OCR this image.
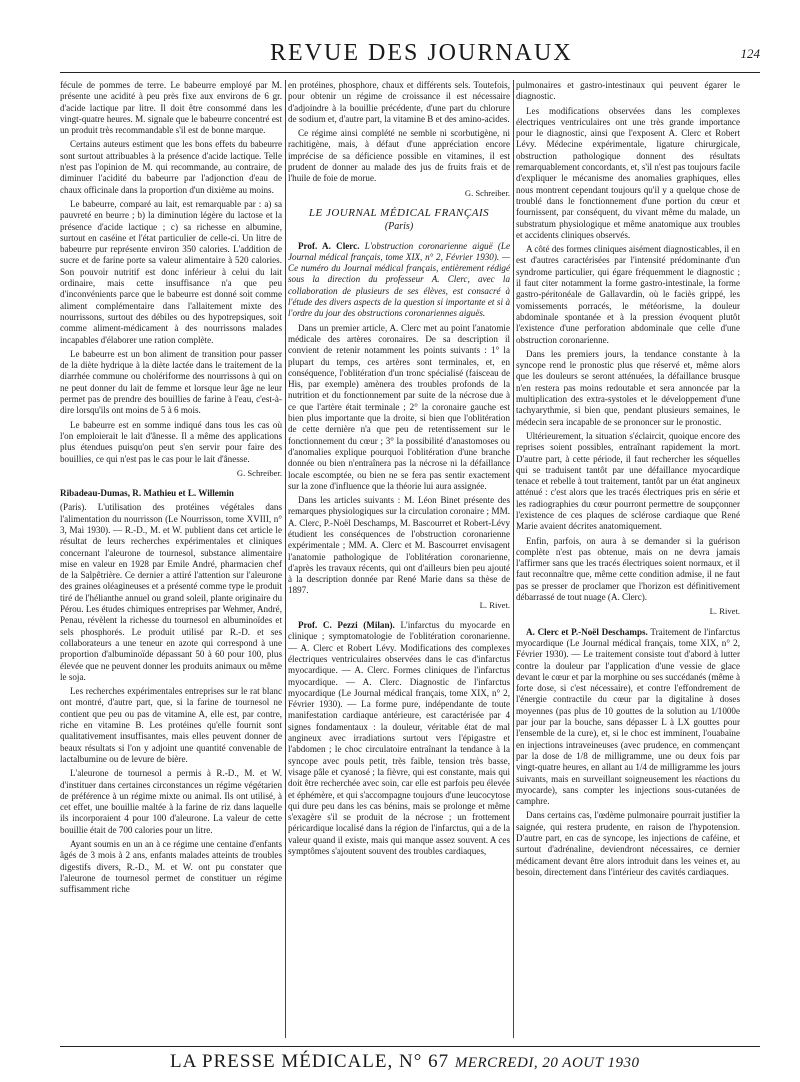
REVUE DES JOURNAUX	124

fécule de pommes de terre. Le babeurre employé par M. présente une acidité à peu près fixe aux environs de 6 gr. d'acide lactique par litre. Il doit être consommé dans les vingt-quatre heures. M. signale que le babeurre concentré est un produit très recommandable s'il est de bonne marque.

Certains auteurs estiment que les bons effets du babeurre sont surtout attribuables à la présence d'acide lactique. Telle n'est pas l'opinion de M. qui recommande, au contraire, de diminuer l'acidité du babeurre par l'adjonction d'eau de chaux officinale dans la proportion d'un dixième au moins.

Le babeurre, comparé au lait, est remarquable par : a) sa pauvreté en beurre ; b) la diminution légère du lactose et la présence d'acide lactique ; c) sa richesse en albumine, surtout en caséine et l'état particulier de celle-ci. Un litre de babeurre pur représente environ 350 calories. L'addition de sucre et de farine porte sa valeur alimentaire à 520 calories. Son pouvoir nutritif est donc inférieur à celui du lait ordinaire, mais cette insuffisance n'a que peu d'inconvénients parce que le babeurre est donné soit comme aliment complémentaire dans l'allaitement mixte des nourrissons, surtout des débiles ou des hypotrepsiques, soit comme aliment-médicament à des nourrissons malades incapables d'élaborer une ration complète.

Le babeurre est un bon aliment de transition pour passer de la diète hydrique à la diète lactée dans le traitement de la diarrhée commune ou cholériforme des nourrissons à qui on ne peut donner du lait de femme et lorsque leur âge ne leur permet pas de prendre des bouillies de farine à l'eau, c'est-à-dire lorsqu'ils ont moins de 5 à 6 mois.

Le babeurre est en somme indiqué dans tous les cas où l'on emploierait le lait d'ânesse. Il a même des applications plus étendues puisqu'on peut s'en servir pour faire des bouillies, ce qui n'est pas le cas pour le lait d'ânesse.

G. Schreiber.

Ribadeau-Dumas, R. Mathieu et L. Willemin

(Paris). L'utilisation des protéines végétales dans l'alimentation du nourrisson (Le Nourrisson, tome XVIII, n° 3, Mai 1930). — R.-D., M. et W. publient dans cet article le résultat de leurs recherches expérimentales et cliniques concernant l'aleurone de tournesol, substance alimentaire mise en valeur en 1928 par Emile André, pharmacien chef de la Salpêtrière. Ce dernier a attiré l'attention sur l'aleurone des graines oléagineuses et a présenté comme type le produit tiré de l'hélianthe annuel ou grand soleil, plante originaire du Pérou. Les études chimiques entreprises par Wehmer, André, Penau, révèlent la richesse du tournesol en albuminoïdes et sels phosphorés. Le produit utilisé par R.-D. et ses collaborateurs a une teneur en azote qui correspond à une proportion d'albuminoïde dépassant 50 à 60 pour 100, plus élevée que ne peuvent donner les produits animaux ou même le soja.

Les recherches expérimentales entreprises sur le rat blanc ont montré, d'autre part, que, si la farine de tournesol ne contient que peu ou pas de vitamine A, elle est, par contre, riche en vitamine B. Les protéines qu'elle fournit sont qualitativement insuffisantes, mais elles peuvent donner de beaux résultats si l'on y adjoint une quantité convenable de lactalbumine ou de levure de bière.

L'aleurone de tournesol a permis à R.-D., M. et W. d'instituer dans certaines circonstances un régime végétarien de préférence à un régime mixte ou animal. Ils ont utilisé, à cet effet, une bouillie maltée à la farine de riz dans laquelle ils incorporaient 4 pour 100 d'aleurone. La valeur de cette bouillie était de 700 calories pour un litre.

Ayant soumis en un an à ce régime une centaine d'enfants âgés de 3 mois à 2 ans, enfants malades atteints de troubles digestifs divers, R.-D., M. et W. ont pu constater que l'aleurone de tournesol permet de constituer un régime suffisamment riche

en protéines, phosphore, chaux et différents sels. Toutefois, pour obtenir un régime de croissance il est nécessaire d'adjoindre à la bouillie précédente, d'une part du chlorure de sodium et, d'autre part, la vitamine B et des amino-acides.

Ce régime ainsi complété ne semble ni scorbutigène, ni rachitigène, mais, à défaut d'une appréciation encore imprécise de sa déficience possible en vitamines, il est prudent de donner au malade des jus de fruits frais et de l'huile de foie de morue.

G. Schreiber.
LE JOURNAL MÉDICAL FRANÇAIS
(Paris)

Prof. A. Clerc. L'obstruction coronarienne aiguë (Le Journal médical français, tome XIX, n° 2, Février 1930). — Ce numéro du Journal médical français, entièrement rédigé sous la direction du professeur A. Clerc, avec la collaboration de plusieurs de ses élèves, est consacré à l'étude des divers aspects de la question si importante et si à l'ordre du jour des obstructions coronariennes aiguës.

Dans un premier article, A. Clerc met au point l'anatomie médicale des artères coronaires. De sa description il convient de retenir notamment les points suivants : 1° la plupart du temps, ces artères sont terminales, et, en conséquence, l'oblitération d'un tronc spécialisé (faisceau de His, par exemple) amènera des troubles profonds de la nutrition et du fonctionnement par suite de la nécrose due à ce que l'artère était terminale ; 2° la coronaire gauche est bien plus importante que la droite, si bien que l'oblitération de cette dernière n'a que peu de retentissement sur le fonctionnement du cœur ; 3° la possibilité d'anastomoses ou d'anomalies explique pourquoi l'oblitération d'une branche donnée ou bien n'entraînera pas la nécrose ni la défaillance locale escomptée, ou bien ne se fera pas sentir exactement sur la zone d'influence que la théorie lui aura assignée.

Dans les articles suivants : M. Léon Binet présente des remarques physiologiques sur la circulation coronaire ; MM. A. Clerc, P.-Noël Deschamps, M. Bascourret et Robert-Lévy étudient les conséquences de l'obstruction coronarienne expérimentale ; MM. A. Clerc et M. Bascourret envisagent l'anatomie pathologique de l'oblitération coronarienne, d'après les travaux récents, qui ont d'ailleurs bien peu ajouté à la description donnée par René Marie dans sa thèse de 1897.

L. Rivet.

Prof. C. Pezzi (Milan). L'infarctus du myocarde en clinique ; symptomatologie de l'oblitération coronarienne. — A. Clerc et Robert Lévy. Modifications des complexes électriques ventriculaires observées dans le cas d'infarctus myocardique. — A. Clerc. Formes cliniques de l'infarctus myocardique. — A. Clerc. Diagnostic de l'infarctus myocardique (Le Journal médical français, tome XIX, n° 2, Février 1930). — La forme pure, indépendante de toute manifestation cardiaque antérieure, est caractérisée par 4 signes fondamentaux : la douleur, véritable état de mal angineux avec irradiations surtout vers l'épigastre et l'abdomen ; le choc circulatoire entraînant la tendance à la syncope avec pouls petit, très faible, tension très basse, visage pâle et cyanosé ; la fièvre, qui est constante, mais qui doit être recherchée avec soin, car elle est parfois peu élevée et éphémère, et qui s'accompagne toujours d'une leucocytose qui dure peu dans les cas bénins, mais se prolonge et même s'exagère s'il se produit de la nécrose ; un frottement péricardique localisé dans la région de l'infarctus, qui a de la valeur quand il existe, mais qui manque assez souvent. A ces symptômes s'ajoutent souvent des troubles cardiaques,

pulmonaires et gastro-intestinaux qui peuvent égarer le diagnostic.

Les modifications observées dans les complexes électriques ventriculaires ont une très grande importance pour le diagnostic, ainsi que l'exposent A. Clerc et Robert Lévy. Médecine expérimentale, ligature chirurgicale, obstruction pathologique donnent des résultats remarquablement concordants, et, s'il n'est pas toujours facile d'expliquer le mécanisme des anomalies graphiques, elles nous montrent cependant toujours qu'il y a quelque chose de troublé dans le fonctionnement d'une portion du cœur et fournissent, par conséquent, du vivant même du malade, un substratum physiologique et même anatomique aux troubles et accidents cliniques observés.

A côté des formes cliniques aisément diagnosticables, il en est d'autres caractérisées par l'intensité prédominante d'un syndrome particulier, qui égare fréquemment le diagnostic ; il faut citer notamment la forme gastro-intestinale, la forme gastro-péritonéale de Gallavardin, où le faciès grippé, les vomissements porracés, le météorisme, la douleur abdominale spontanée et à la pression évoquent plutôt l'existence d'une perforation abdominale que celle d'une obstruction coronarienne.

Dans les premiers jours, la tendance constante à la syncope rend le pronostic plus que réservé et, même alors que les douleurs se seront atténuées, la défaillance brusque n'en restera pas moins redoutable et sera annoncée par la multiplication des extra-systoles et le développement d'une tachyarythmie, si bien que, pendant plusieurs semaines, le médecin sera incapable de se prononcer sur le pronostic.

Ultérieurement, la situation s'éclaircit, quoique encore des reprises soient possibles, entraînant rapidement la mort. D'autre part, à cette période, il faut rechercher les séquelles qui se traduisent tantôt par une défaillance myocardique tenace et rebelle à tout traitement, tantôt par un état angineux atténué : c'est alors que les tracés électriques pris en série et les radiographies du cœur pourront permettre de soupçonner l'existence de ces plaques de sclérose cardiaque que René Marie avaient décrites anatomiquement.

Enfin, parfois, on aura à se demander si la guérison complète n'est pas obtenue, mais on ne devra jamais l'affirmer sans que les tracés électriques soient normaux, et il faut reconnaître que, même cette condition admise, il ne faut pas se presser de proclamer que l'horizon est définitivement débarrassé de tout nuage (A. Clerc).

L. Rivet.

A. Clerc et P.-Noël Deschamps. Traitement de l'infarctus myocardique (Le Journal médical français, tome XIX, n° 2, Février 1930). — Le traitement consiste tout d'abord à lutter contre la douleur par l'application d'une vessie de glace devant le cœur et par la morphine ou ses succédanés (même à forte dose, si c'est nécessaire), et contre l'effondrement de l'énergie contractile du cœur par la digitaline à doses moyennes (pas plus de 10 gouttes de la solution au 1/1000e par jour par la bouche, sans dépasser L à LX gouttes pour l'ensemble de la cure), et, si le choc est imminent, l'ouabaïne en injections intraveineuses (avec prudence, en commençant par la dose de 1/8 de milligramme, une ou deux fois par vingt-quatre heures, en allant au 1/4 de milligramme les jours suivants, mais en surveillant soigneusement les réactions du myocarde), sans compter les injections sous-cutanées de camphre.

Dans certains cas, l'œdème pulmonaire pourrait justifier la saignée, qui restera prudente, en raison de l'hypotension. D'autre part, en cas de syncope, les injections de caféine, et surtout d'adrénaline, deviendront nécessaires, ce dernier médicament devant être alors introduit dans les veines et, au besoin, directement dans l'intérieur des cavités cardiaques.

LA PRESSE MÉDICALE, N° 67 MERCREDI, 20 AOUT 1930
